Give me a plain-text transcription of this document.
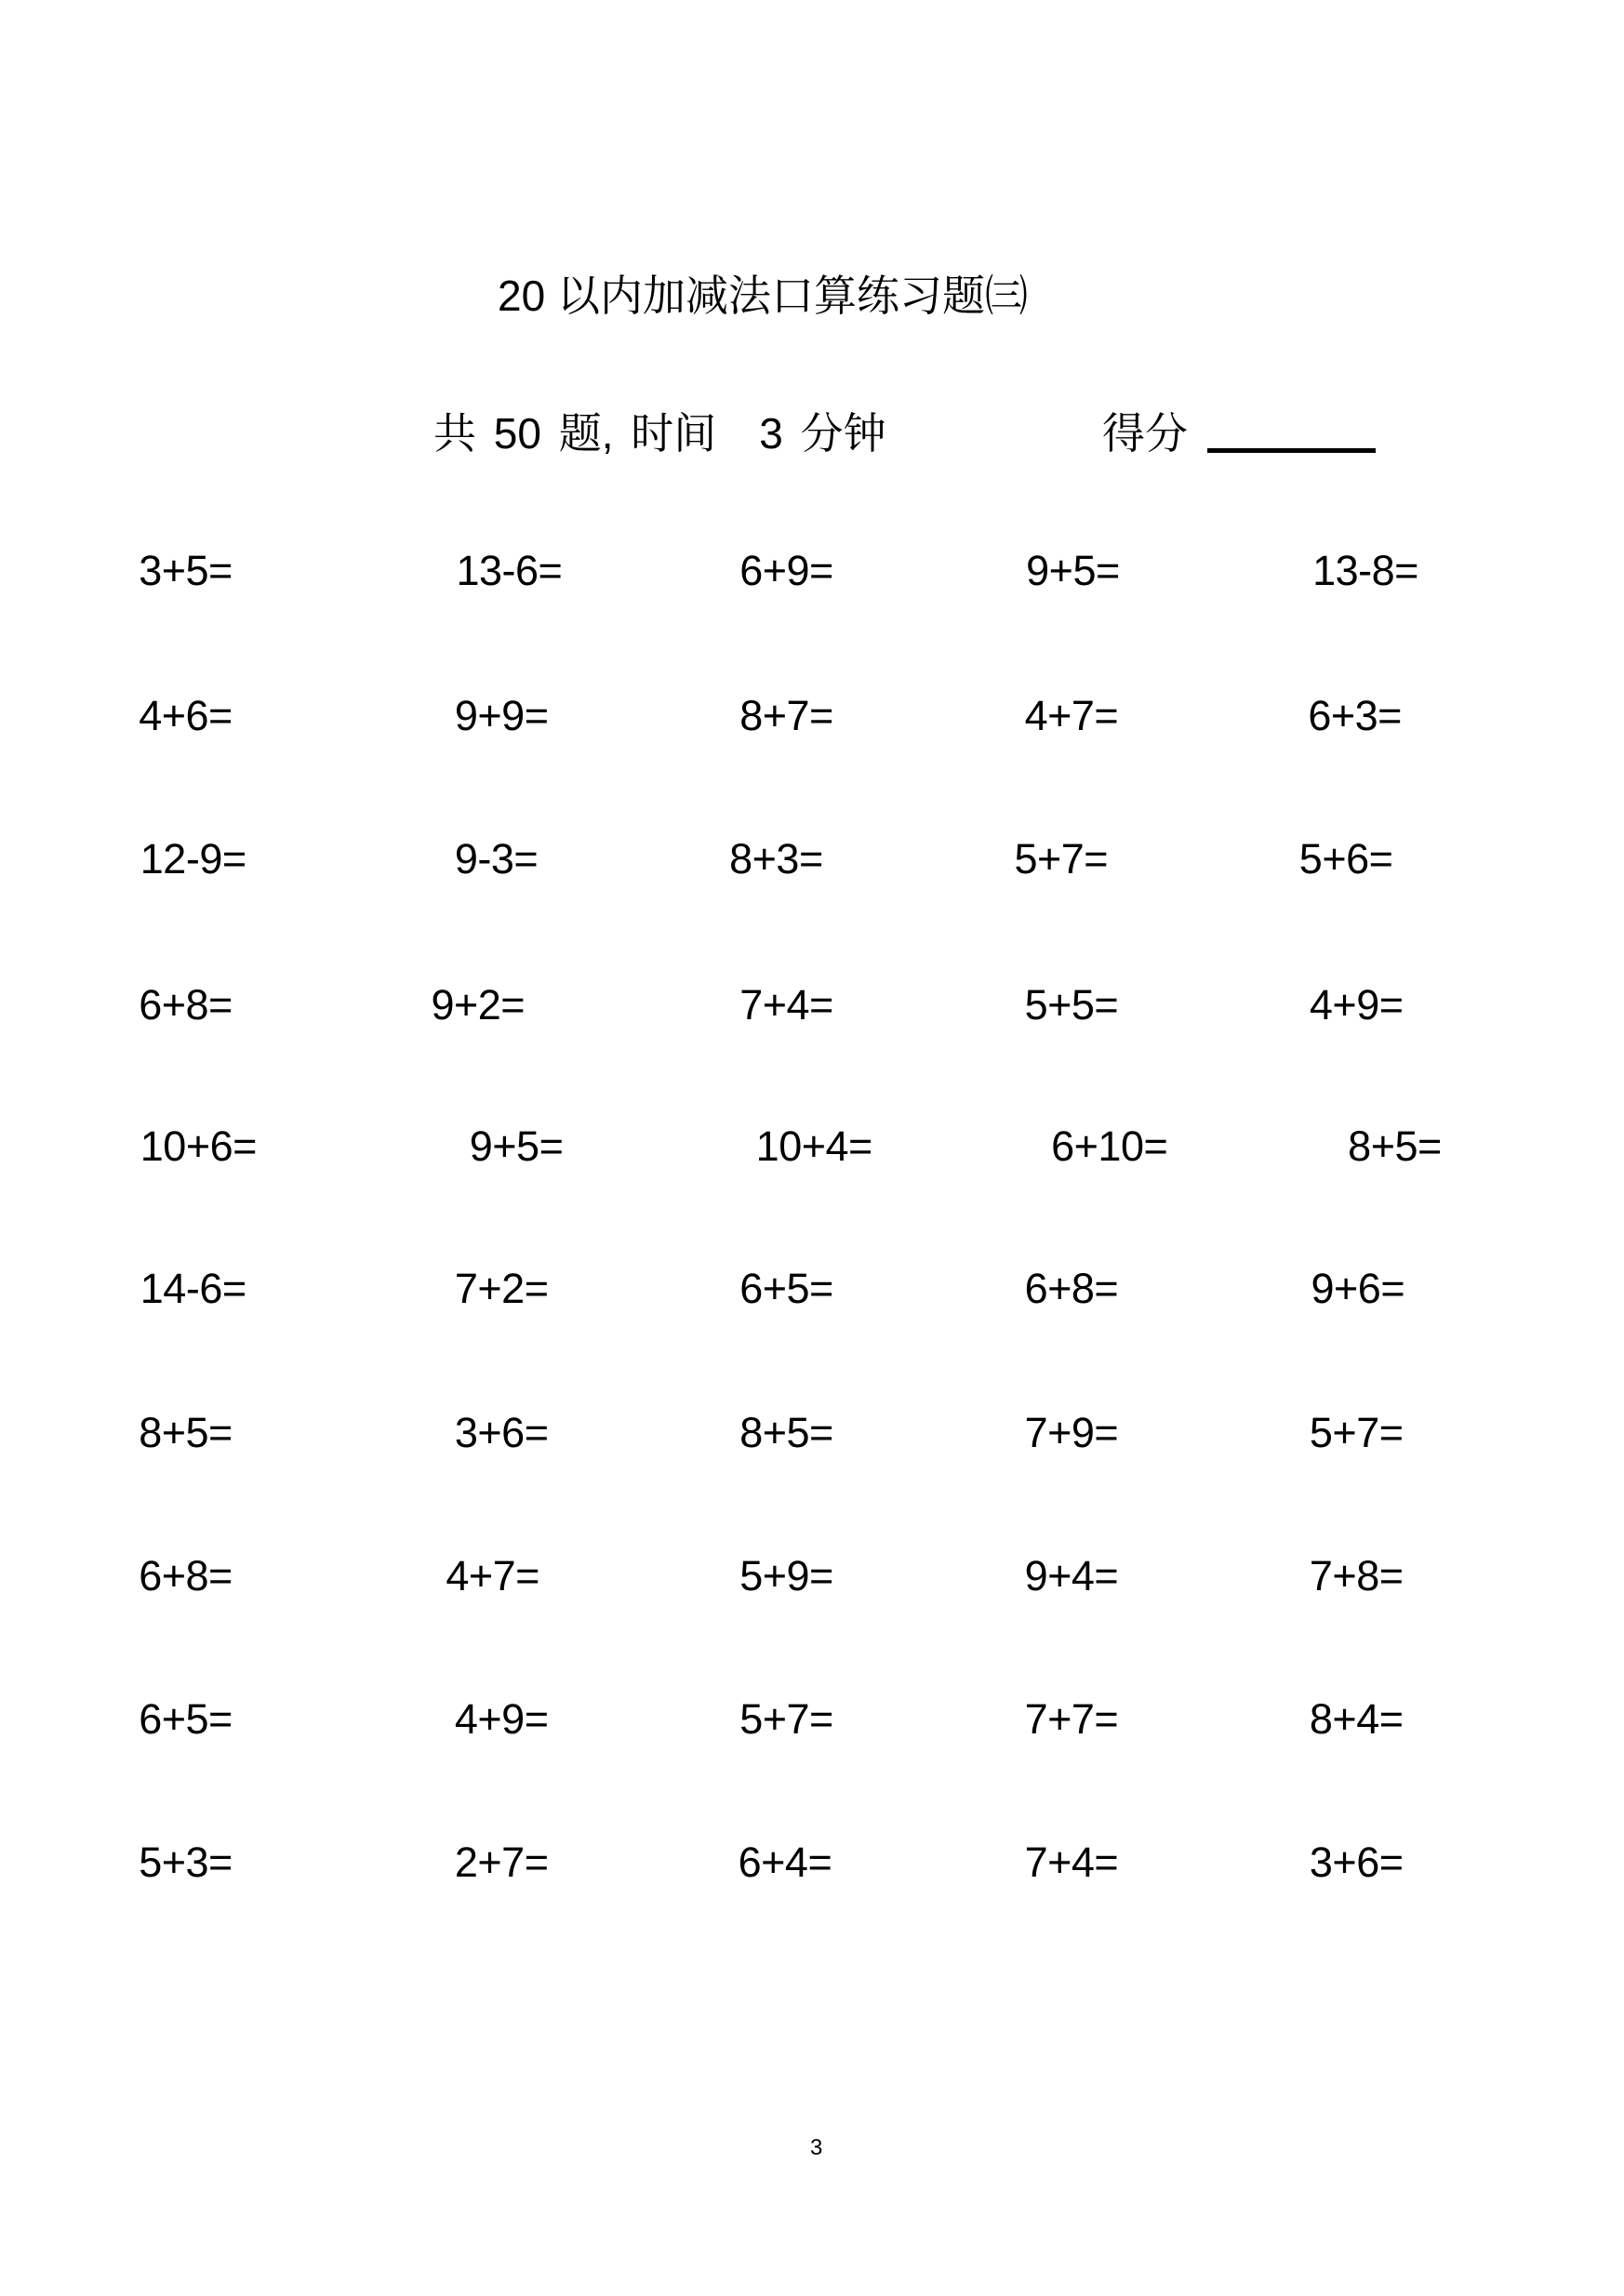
20 以内加减法口算练习题㈢
共 50 题, 时间　3 分钟	得分
3+5=	13-6=	6+9=	9+5=	13-8=
4+6=	9+9=	8+7=	4+7=	6+3=
12-9=	9-3=	8+3=	5+7=	5+6=
6+8=	9+2=	7+4=	5+5=	4+9=
10+6=	9+5=	10+4=	6+10=	8+5=
14-6=	7+2=	6+5=	6+8=	9+6=
8+5=	3+6=	8+5=	7+9=	5+7=
6+8=	4+7=	5+9=	9+4=	7+8=
6+5=	4+9=	5+7=	7+7=	8+4=
5+3=	2+7=	6+4=	7+4=	3+6=
3
